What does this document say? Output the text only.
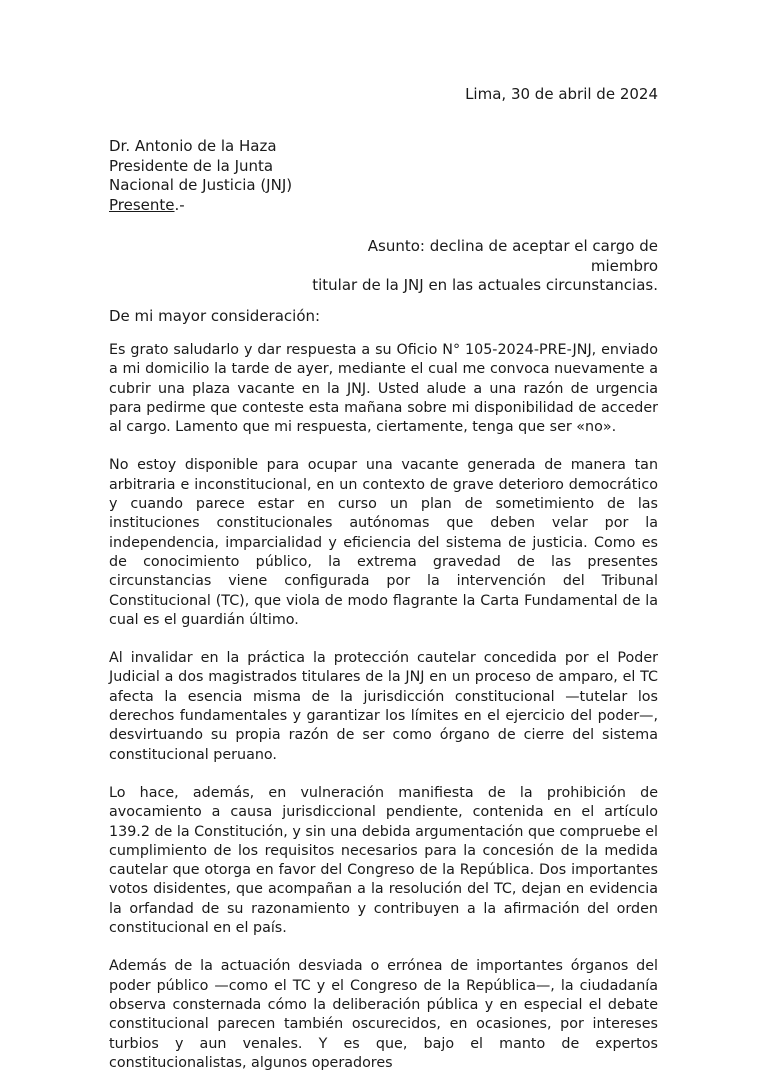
Lima, 30 de abril de 2024
Dr. Antonio de la Haza
Presidente de la Junta
Nacional de Justicia (JNJ)
Presente.-
Asunto: declina de aceptar el cargo de miembro
titular de la JNJ en las actuales circunstancias.
De mi mayor consideración:

Es grato saludarlo y dar respuesta a su Oficio N° 105-2024-PRE-JNJ, enviado a mi domicilio la tarde de ayer, mediante el cual me convoca nuevamente a cubrir una plaza vacante en la JNJ. Usted alude a una razón de urgencia para pedirme que conteste esta mañana sobre mi disponibilidad de acceder al cargo. Lamento que mi respuesta, ciertamente, tenga que ser «no».

No estoy disponible para ocupar una vacante generada de manera tan arbitraria e inconstitucional, en un contexto de grave deterioro democrático y cuando parece estar en curso un plan de sometimiento de las instituciones constitucionales autónomas que deben velar por la independencia, imparcialidad y eficiencia del sistema de justicia. Como es de conocimiento público, la extrema gravedad de las presentes circunstancias viene configurada por la intervención del Tribunal Constitucional (TC), que viola de modo flagrante la Carta Fundamental de la cual es el guardián último.

Al invalidar en la práctica la protección cautelar concedida por el Poder Judicial a dos magistrados titulares de la JNJ en un proceso de amparo, el TC afecta la esencia misma de la jurisdicción constitucional —tutelar los derechos fundamentales y garantizar los límites en el ejercicio del poder—, desvirtuando su propia razón de ser como órgano de cierre del sistema constitucional peruano.

Lo hace, además, en vulneración manifiesta de la prohibición de avocamiento a causa jurisdiccional pendiente, contenida en el artículo 139.2 de la Constitución, y sin una debida argumentación que compruebe el cumplimiento de los requisitos necesarios para la concesión de la medida cautelar que otorga en favor del Congreso de la República. Dos importantes votos disidentes, que acompañan a la resolución del TC, dejan en evidencia la orfandad de su razonamiento y contribuyen a la afirmación del orden constitucional en el país.

Además de la actuación desviada o errónea de importantes órganos del poder público —como el TC y el Congreso de la República—, la ciudadanía observa consternada cómo la deliberación pública y en especial el debate constitucional parecen también oscurecidos, en ocasiones, por intereses turbios y aun venales. Y es que, bajo el manto de expertos constitucionalistas, algunos operadores
